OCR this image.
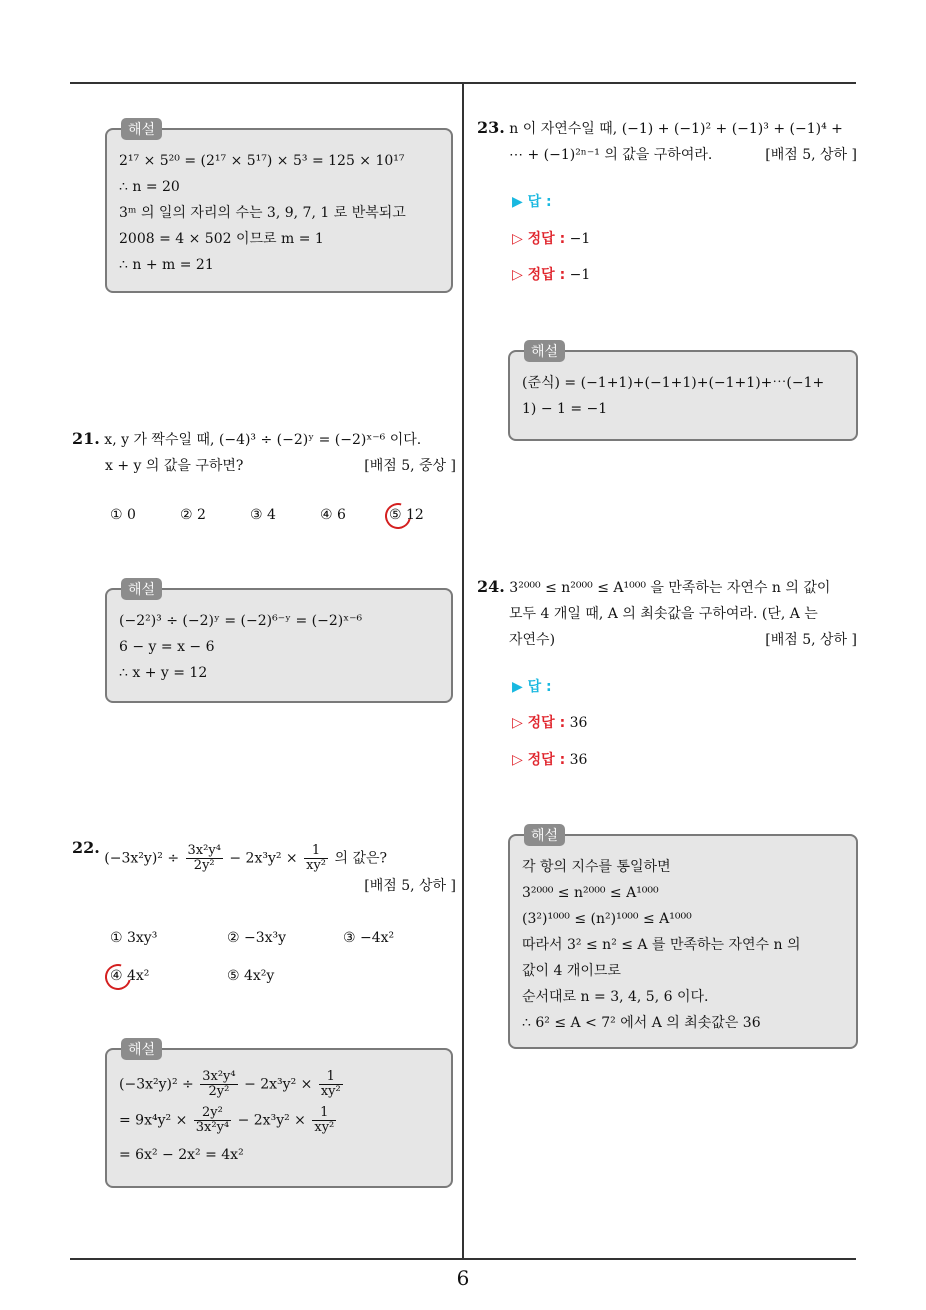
해설
2¹⁷ × 5²⁰ = (2¹⁷ × 5¹⁷) × 5³ = 125 × 10¹⁷
∴ n = 20
3ᵐ 의 일의 자리의 수는 3, 9, 7, 1 로 반복되고
2008 = 4 × 502 이므로 m = 1
∴ n + m = 21
21. x, y 가 짝수일 때, (−4)³ ÷ (−2)ʸ = (−2)ˣ⁻⁶ 이다.
x + y 의 값을 구하면?	[배점 5, 중상 ]
① 0	② 2	③ 4	④ 6	⑤ 12
해설
(−2²)³ ÷ (−2)ʸ = (−2)⁶⁻ʸ = (−2)ˣ⁻⁶
6 − y = x − 6
∴ x + y = 12
22. $(-3x^2y)^2 \div \frac{\text{3x²y⁴}}{\text{2y²}} - 2x^3y^2 \times \frac{1}{\text{xy²}}$ 의 값은?
[배점 5, 상하 ]
① 3xy³	② −3x³y	③ −4x²
④ 4x²	⑤ 4x²y
해설
$(-3x^2y)^2 \div \frac{\text{3x²y⁴}}{\text{2y²}} - 2x^3y^2 \times \frac{1}{\text{xy²}}$
= $9x^4y^2 \times \frac{\text{2y²}}{\text{3x²y⁴}} - 2x^3y^2 \times \frac{1}{\text{xy²}}$
= 6x² − 2x² = 4x²
23. n 이 자연수일 때, (−1) + (−1)² + (−1)³ + (−1)⁴ +
⋯ + (−1)²ⁿ⁻¹ 의 값을 구하여라.	[배점 5, 상하 ]
▶ 답 :
▷ 정답 : −1
▷ 정답 : −1
해설
(준식) = (−1+1)+(−1+1)+(−1+1)+⋯(−1+
1) − 1 = −1
24. 3²⁰⁰⁰ ≤ n²⁰⁰⁰ ≤ A¹⁰⁰⁰ 을 만족하는 자연수 n 의 값이
모두 4 개일 때, A 의 최솟값을 구하여라. (단, A 는
자연수)	[배점 5, 상하 ]
▶ 답 :
▷ 정답 : 36
▷ 정답 : 36
해설
각 항의 지수를 통일하면
3²⁰⁰⁰ ≤ n²⁰⁰⁰ ≤ A¹⁰⁰⁰
(3²)¹⁰⁰⁰ ≤ (n²)¹⁰⁰⁰ ≤ A¹⁰⁰⁰
따라서 3² ≤ n² ≤ A 를 만족하는 자연수 n 의
값이 4 개이므로
순서대로 n = 3, 4, 5, 6 이다.
∴ 6² ≤ A < 7² 에서 A 의 최솟값은 36
6
